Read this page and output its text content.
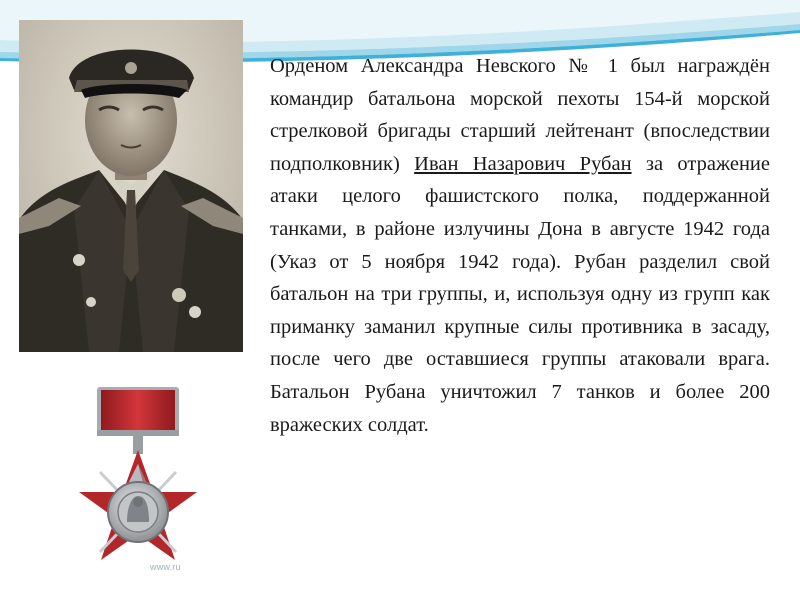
www.ru

Орденом Александра Невского № 1 был награждён командир батальона морской пехоты 154-й морской стрелковой бригады старший лейтенант (впоследствии подполковник) Иван Назарович Рубан за отражение атаки целого фашистского полка, поддержанной танками, в районе излучины Дона в августе 1942 года (Указ от 5 ноября 1942 года). Рубан разделил свой батальон на три группы, и, используя одну из групп как приманку заманил крупные силы противника в засаду, после чего две оставшиеся группы атаковали врага. Батальон Рубана уничтожил 7 танков и более 200 вражеских солдат.
